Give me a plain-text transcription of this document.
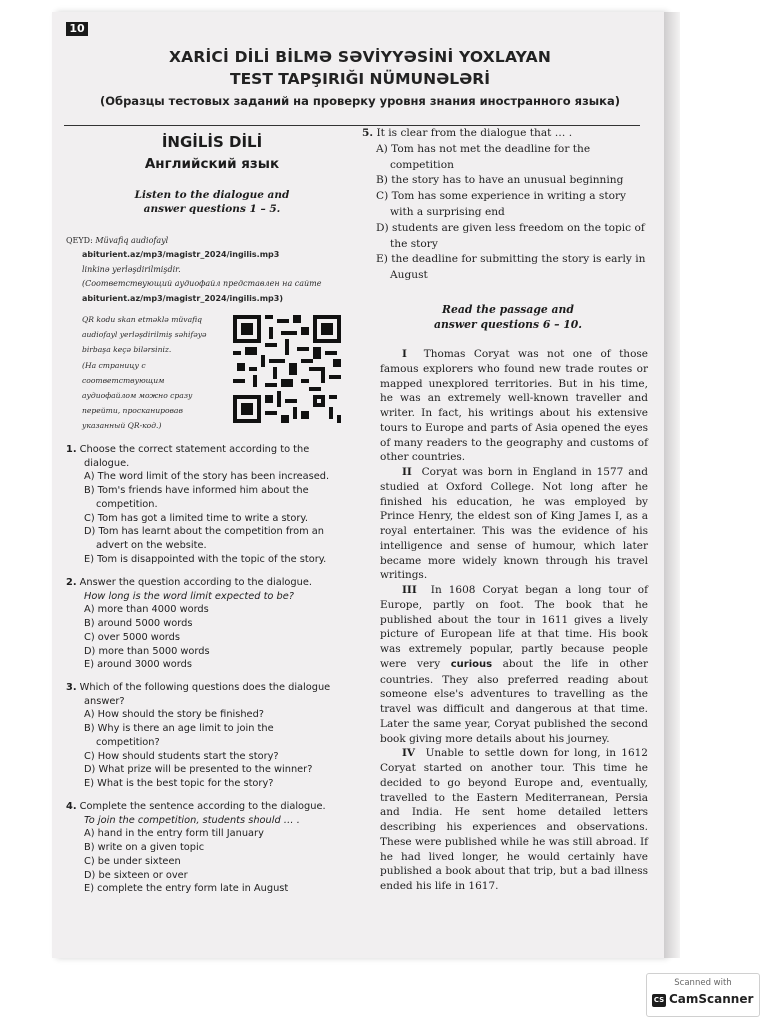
10
XARİCİ DİLİ BİLMƏ SƏVİYYƏSİNİ YOXLAYAN
TEST TAPŞIRIĞI NÜMUNƏLƏRİ
(Образцы тестовых заданий на проверку уровня знания иностранного языка)
İNGİLİS DİLİ
Английский язык
Listen to the dialogue and
answer questions 1 – 5.
QEYD: Müvafiq audiofayl
abiturient.az/mp3/magistr_2024/ingilis.mp3
linkinə yerləşdirilmişdir.
(Соответствующий аудиофайл представлен на сайте
abiturient.az/mp3/magistr_2024/ingilis.mp3)
QR kodu skan etməklə müvafiq
audiofayl yerləşdirilmiş səhifəyə
birbaşa keçə bilərsiniz.
(На страницу с
соответствующим
аудиофайлом можно сразу
перейти, просканировав
указанный QR-код.)
1. Choose the correct statement according to the
dialogue.
A) The word limit of the story has been increased.
B) Tom's friends have informed him about the
competition.
C) Tom has got a limited time to write a story.
D) Tom has learnt about the competition from an
advert on the website.
E) Tom is disappointed with the topic of the story.
2. Answer the question according to the dialogue.
How long is the word limit expected to be?
A) more than 4000 words
B) around 5000 words
C) over 5000 words
D) more than 5000 words
E) around 3000 words
3. Which of the following questions does the dialogue
answer?
A) How should the story be finished?
B) Why is there an age limit to join the
competition?
C) How should students start the story?
D) What prize will be presented to the winner?
E) What is the best topic for the story?
4. Complete the sentence according to the dialogue.
To join the competition, students should … .
A) hand in the entry form till January
B) write on a given topic
C) be under sixteen
D) be sixteen or over
E) complete the entry form late in August
5. It is clear from the dialogue that … .
A) Tom has not met the deadline for the
competition
B) the story has to have an unusual beginning
C) Tom has some experience in writing a story
with a surprising end
D) students are given less freedom on the topic of
the story
E) the deadline for submitting the story is early in
August
Read the passage and
answer questions 6 – 10.

I Thomas Coryat was not one of those famous explorers who found new trade routes or mapped unexplored territories. But in his time, he was an extremely well-known traveller and writer. In fact, his writings about his extensive tours to Europe and parts of Asia opened the eyes of many readers to the geography and customs of other countries.

II Coryat was born in England in 1577 and studied at Oxford College. Not long after he finished his education, he was employed by Prince Henry, the eldest son of King James I, as a royal entertainer. This was the evidence of his intelligence and sense of humour, which later became more widely known through his travel writings.

III In 1608 Coryat began a long tour of Europe, partly on foot. The book that he published about the tour in 1611 gives a lively picture of European life at that time. His book was extremely popular, partly because people were very curious about the life in other countries. They also preferred reading about someone else's adventures to travelling as the travel was difficult and dangerous at that time. Later the same year, Coryat published the second book giving more details about his journey.

IV Unable to settle down for long, in 1612 Coryat started on another tour. This time he decided to go beyond Europe and, eventually, travelled to the Eastern Mediterranean, Persia and India. He sent home detailed letters describing his experiences and observations. These were published while he was still abroad. If he had lived longer, he would certainly have published a book about that trip, but a bad illness ended his life in 1617.

Scanned with
CS CamScanner
